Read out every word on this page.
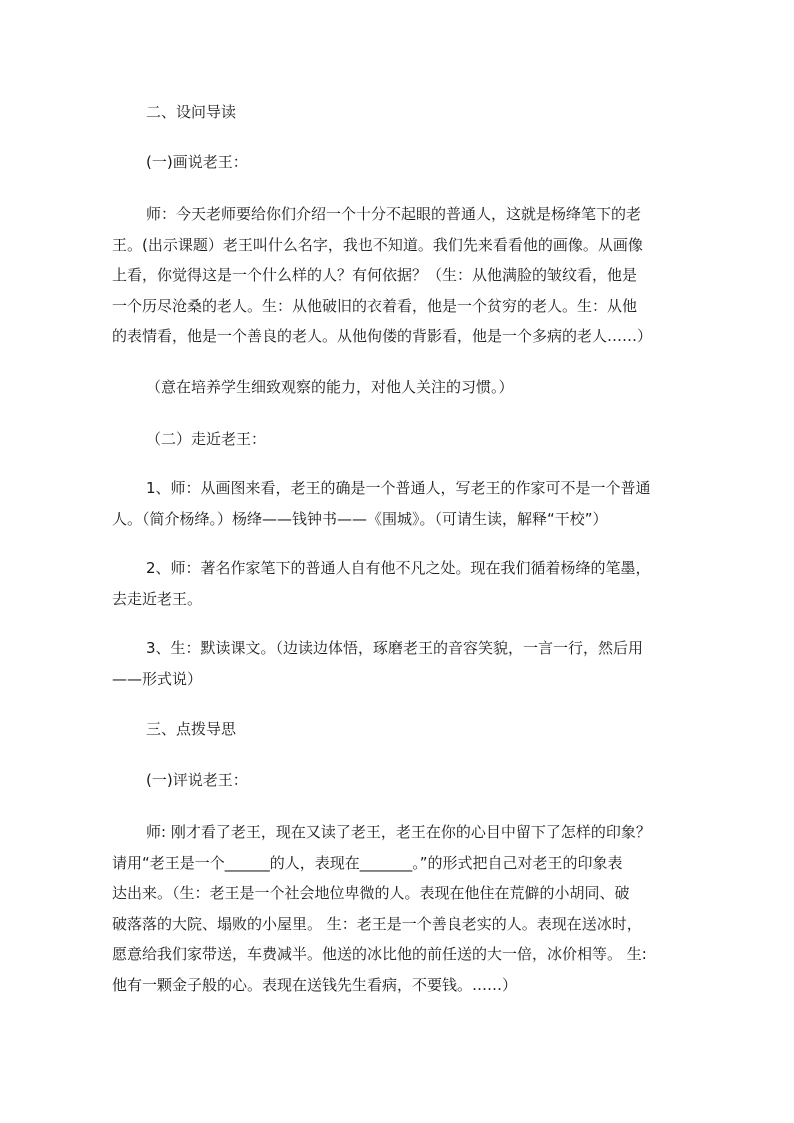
二、设问导读

(一)画说老王：

师：今天老师要给你们介绍一个十分不起眼的普通人，这就是杨绛笔下的老
王。(出示课题）老王叫什么名字，我也不知道。我们先来看看他的画像。从画像
上看，你觉得这是一个什么样的人？有何依据？（生：从他满脸的皱纹看，他是
一个历尽沧桑的老人。生：从他破旧的衣着看，他是一个贫穷的老人。生：从他
的表情看，他是一个善良的老人。从他佝偻的背影看，他是一个多病的老人……）

（意在培养学生细致观察的能力，对他人关注的习惯。）

（二）走近老王：

1、师：从画图来看，老王的确是一个普通人，写老王的作家可不是一个普通
人。（简介杨绛。）杨绛——钱钟书——《围城》。（可请生读，解释“干校”）
2、师：著名作家笔下的普通人自有他不凡之处。现在我们循着杨绛的笔墨，
去走近老王。
3、生：默读课文。（边读边体悟，琢磨老王的音容笑貌，一言一行，然后用
——形式说）

三、点拨导思

(一)评说老王：

师: 刚才看了老王，现在又读了老王，老王在你的心目中留下了怎样的印象？
请用“老王是一个______的人，表现在_______。”的形式把自己对老王的印象表
达出来。（生：老王是一个社会地位卑微的人。表现在他住在荒僻的小胡同、破
破落落的大院、塌败的小屋里。 生：老王是一个善良老实的人。表现在送冰时，
愿意给我们家带送，车费减半。他送的冰比他的前任送的大一倍，冰价相等。 生:
他有一颗金子般的心。表现在送钱先生看病，不要钱。……）
